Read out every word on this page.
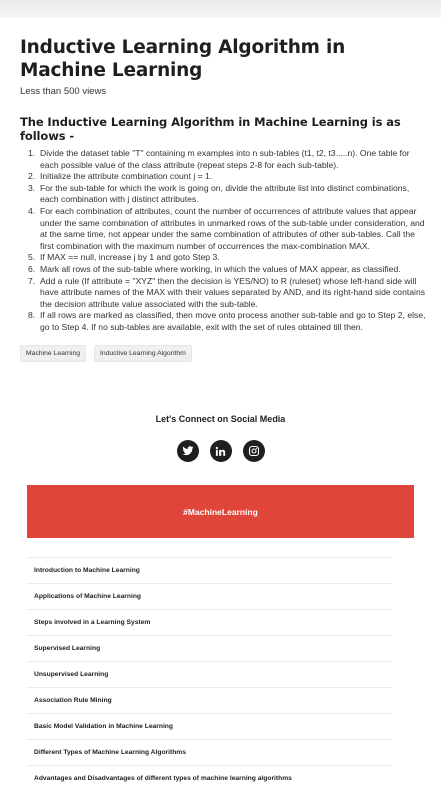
Inductive Learning Algorithm in Machine Learning
Less than 500 views
The Inductive Learning Algorithm in Machine Learning is as follows -
1. Divide the dataset table "T" containing m examples into n sub-tables (t1, t2, t3.....n). One table for each possible value of the class attribute (repeat steps 2-8 for each sub-table).
2. Initialize the attribute combination count j = 1.
3. For the sub-table for which the work is going on, divide the attribute list into distinct combinations, each combination with j distinct attributes.
4. For each combination of attributes, count the number of occurrences of attribute values that appear under the same combination of attributes in unmarked rows of the sub-table under consideration, and at the same time, not appear under the same combination of attributes of other sub-tables. Call the first combination with the maximum number of occurrences the max-combination MAX.
5. If MAX == null, increase j by 1 and goto Step 3.
6. Mark all rows of the sub-table where working, in which the values of MAX appear, as classified.
7. Add a rule (If attribute = "XYZ" then the decision is YES/NO) to R (ruleset) whose left-hand side will have attribute names of the MAX with their values separated by AND, and its right-hand side contains the decision attribute value associated with the sub-table.
8. If all rows are marked as classified, then move onto process another sub-table and go to Step 2, else, go to Step 4. If no sub-tables are available, exit with the set of rules obtained till then.
Machine Learning	Inductive Learning Algorithm
Let's Connect on Social Media
#MachineLearning
Introduction to Machine Learning
Applications of Machine Learning
Steps involved in a Learning System
Supervised Learning
Unsupervised Learning
Association Rule Mining
Basic Model Validation in Machine Learning
Different Types of Machine Learning Algorithms
Advantages and Disadvantages of different types of machine learning algorithms
